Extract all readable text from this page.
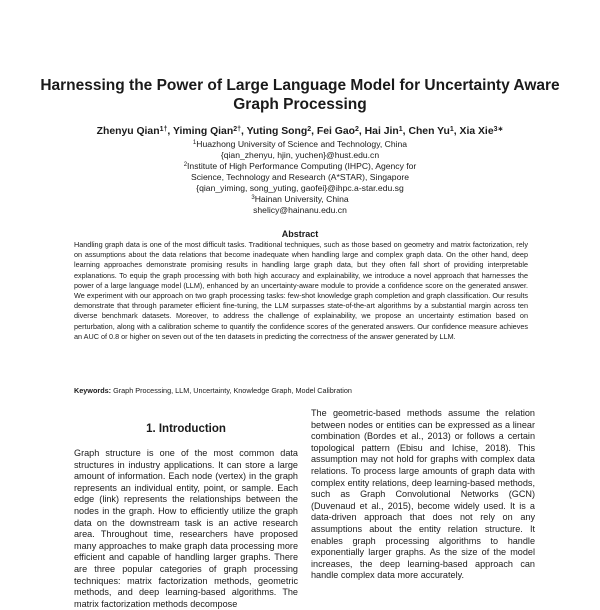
Harnessing the Power of Large Language Model for Uncertainty Aware Graph Processing
Zhenyu Qian$^{1\dagger}$, Yiming Qian$^{2\dagger}$, Yuting Song$^2$, Fei Gao$^2$, Hai Jin$^1$, Chen Yu$^1$, Xia Xie$^{3∗}$
$^1$Huazhong University of Science and Technology, China
{qian_zhenyu, hjin, yuchen}@hust.edu.cn
$^2$Institute of High Performance Computing (IHPC), Agency for
Science, Technology and Research (A*STAR), Singapore
{qian_yiming, song_yuting, gaofei}@ihpc.a-star.edu.sg
$^3$Hainan University, China
shelicy@hainanu.edu.cn
Abstract
Handling graph data is one of the most difficult tasks. Traditional techniques, such as those based on geometry and matrix factorization, rely on assumptions about the data relations that become inadequate when handling large and complex graph data. On the other hand, deep learning approaches demonstrate promising results in handling large graph data, but they often fall short of providing interpretable explanations. To equip the graph processing with both high accuracy and explainability, we introduce a novel approach that harnesses the power of a large language model (LLM), enhanced by an uncertainty-aware module to provide a confidence score on the generated answer. We experiment with our approach on two graph processing tasks: few-shot knowledge graph completion and graph classification. Our results demonstrate that through parameter efficient fine-tuning, the LLM surpasses state-of-the-art algorithms by a substantial margin across ten diverse benchmark datasets. Moreover, to address the challenge of explainability, we propose an uncertainty estimation based on perturbation, along with a calibration scheme to quantify the confidence scores of the generated answers. Our confidence measure achieves an AUC of 0.8 or higher on seven out of the ten datasets in predicting the correctness of the answer generated by LLM.
Keywords: Graph Processing, LLM, Uncertainty, Knowledge Graph, Model Calibration
1. Introduction
Graph structure is one of the most common data structures in industry applications. It can store a large amount of information. Each node (vertex) in the graph represents an individual entity, point, or sample. Each edge (link) represents the relationships between the nodes in the graph. How to efficiently utilize the graph data on the downstream task is an active research area. Throughout time, researchers have proposed many approaches to make graph data processing more efficient and capable of handling larger graphs. There are three popular categories of graph processing techniques: matrix factorization methods, geometric methods, and deep learning-based algorithms. The matrix factorization methods decompose
The geometric-based methods assume the relation between nodes or entities can be expressed as a linear combination (Bordes et al., 2013) or follows a certain topological pattern (Ebisu and Ichise, 2018). This assumption may not hold for graphs with complex data relations. To process large amounts of graph data with complex entity relations, deep learning-based methods, such as Graph Convolutional Networks (GCN) (Duvenaud et al., 2015), become widely used. It is a data-driven approach that does not rely on any assumptions about the entity relation structure. It enables graph processing algorithms to handle exponentially larger graphs. As the size of the model increases, the deep learning-based approach can handle complex data more accurately.
